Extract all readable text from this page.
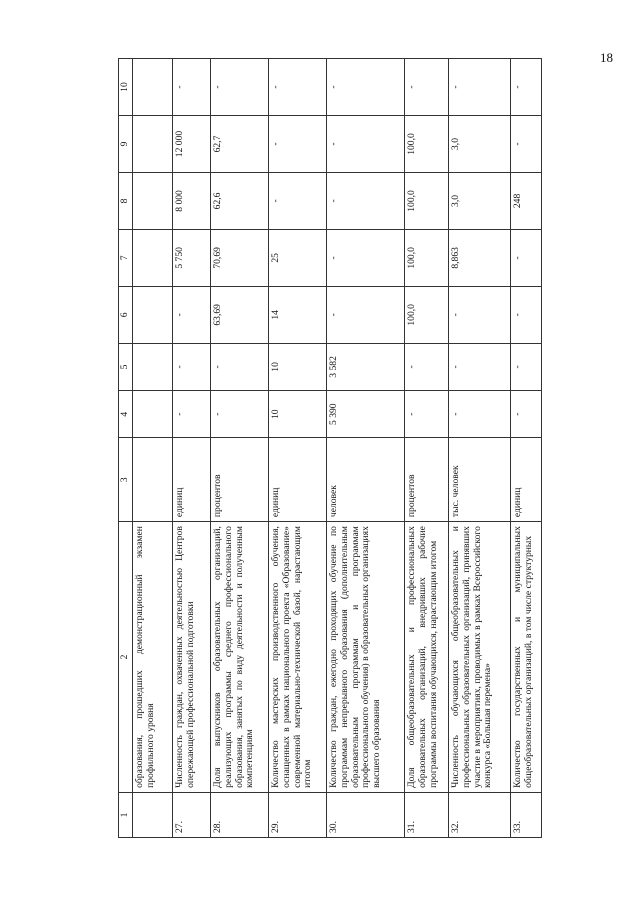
18
1	2	3	4	5	6	7	8	9	10
	образования, прошедших демонстрационный экзамен профильного уровня								
27.	Численность граждан, охваченных деятельностью Центров опережающей профессиональной подготовки	единиц	-	-	-	5 750	8 000	12 000	-
28.	Доля выпускников образовательных организаций, реализующих программы среднего профессионального образования, занятых по виду деятельности и полученным компетенциям	процентов	-	-	63,69	70,69	62,6	62,7	-
29.	Количество мастерских производственного обучения, оснащенных в рамках национального проекта «Образование» современной материально-технической базой, нарастающим итогом	единиц	10	10	14	25	-	-	-
30.	Количество граждан, ежегодно проходящих обучение по программам непрерывного образования (дополнительным образовательным программам и программам профессионального обучения) в образовательных организациях высшего образования	человек	5 390	3 582	-	-	-	-	-
31.	Доля общеобразовательных и профессиональных образовательных организаций, внедривших рабочие программы воспитания обучающихся, нарастающим итогом	процентов	-	-	100,0	100,0	100,0	100,0	-
32.	Численность обучающихся общеобразовательных и профессиональных образовательных организаций, принявших участие в мероприятиях, проводимых в рамках Всероссийского конкурса «Большая перемена»	тыс. человек	-	-	-	8,863	3,0	3,0	-
33.	Количество государственных и муниципальных общеобразовательных организаций, в том числе структурных	единиц	-	-	-	-	248	-	-
